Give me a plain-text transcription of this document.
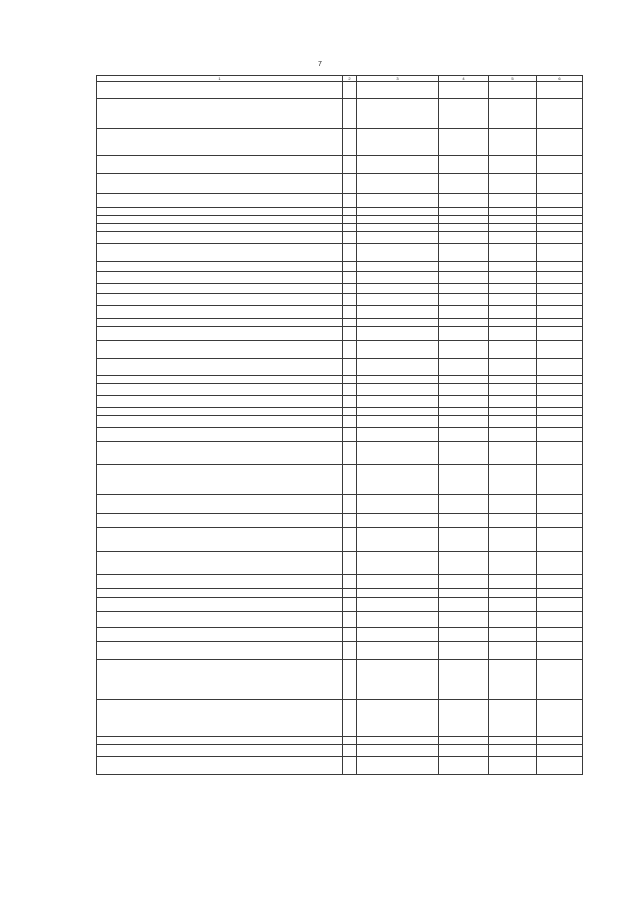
7
1	2	3	4	5	6
